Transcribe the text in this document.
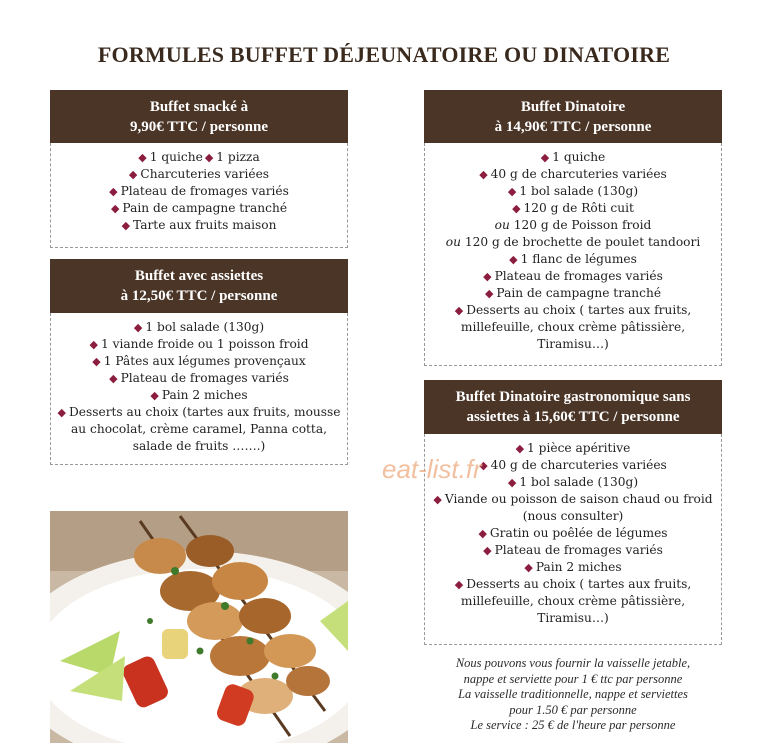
FORMULES BUFFET DÉJEUNATOIRE OU DINATOIRE
Buffet snacké à
9,90€ TTC / personne
◆ 1 quiche ◆ 1 pizza
◆ Charcuteries variées
◆ Plateau de fromages variés
◆ Pain de campagne tranché
◆ Tarte aux fruits maison
Buffet avec assiettes
à 12,50€ TTC / personne
◆ 1 bol salade (130g)
◆ 1 viande froide ou 1 poisson froid
◆ 1 Pâtes aux légumes provençaux
◆ Plateau de fromages variés
◆ Pain 2 miches
◆ Desserts au choix (tartes aux fruits, mousse
au chocolat, crème caramel, Panna cotta,
salade de fruits …….)
Buffet Dinatoire
à 14,90€ TTC / personne
◆ 1 quiche
◆ 40 g de charcuteries variées
◆ 1 bol salade (130g)
◆ 120 g de Rôti cuit
ou 120 g de Poisson froid
ou 120 g de brochette de poulet tandoori
◆ 1 flanc de légumes
◆ Plateau de fromages variés
◆ Pain de campagne tranché
◆ Desserts au choix ( tartes aux fruits,
millefeuille, choux crème pâtissière,
Tiramisu…)
Buffet Dinatoire gastronomique sans
assiettes à 15,60€ TTC / personne
◆ 1 pièce apéritive
◆ 40 g de charcuteries variées
◆ 1 bol salade (130g)
◆ Viande ou poisson de saison chaud ou froid
(nous consulter)
◆ Gratin ou poêlée de légumes
◆ Plateau de fromages variés
◆ Pain 2 miches
◆ Desserts au choix ( tartes aux fruits,
millefeuille, choux crème pâtissière,
Tiramisu…)
eat-list.fr
Nous pouvons vous fournir la vaisselle jetable,
nappe et serviette pour 1 € ttc par personne
La vaisselle traditionnelle, nappe et serviettes
pour 1.50 € par personne
Le service : 25 € de l'heure par personne
